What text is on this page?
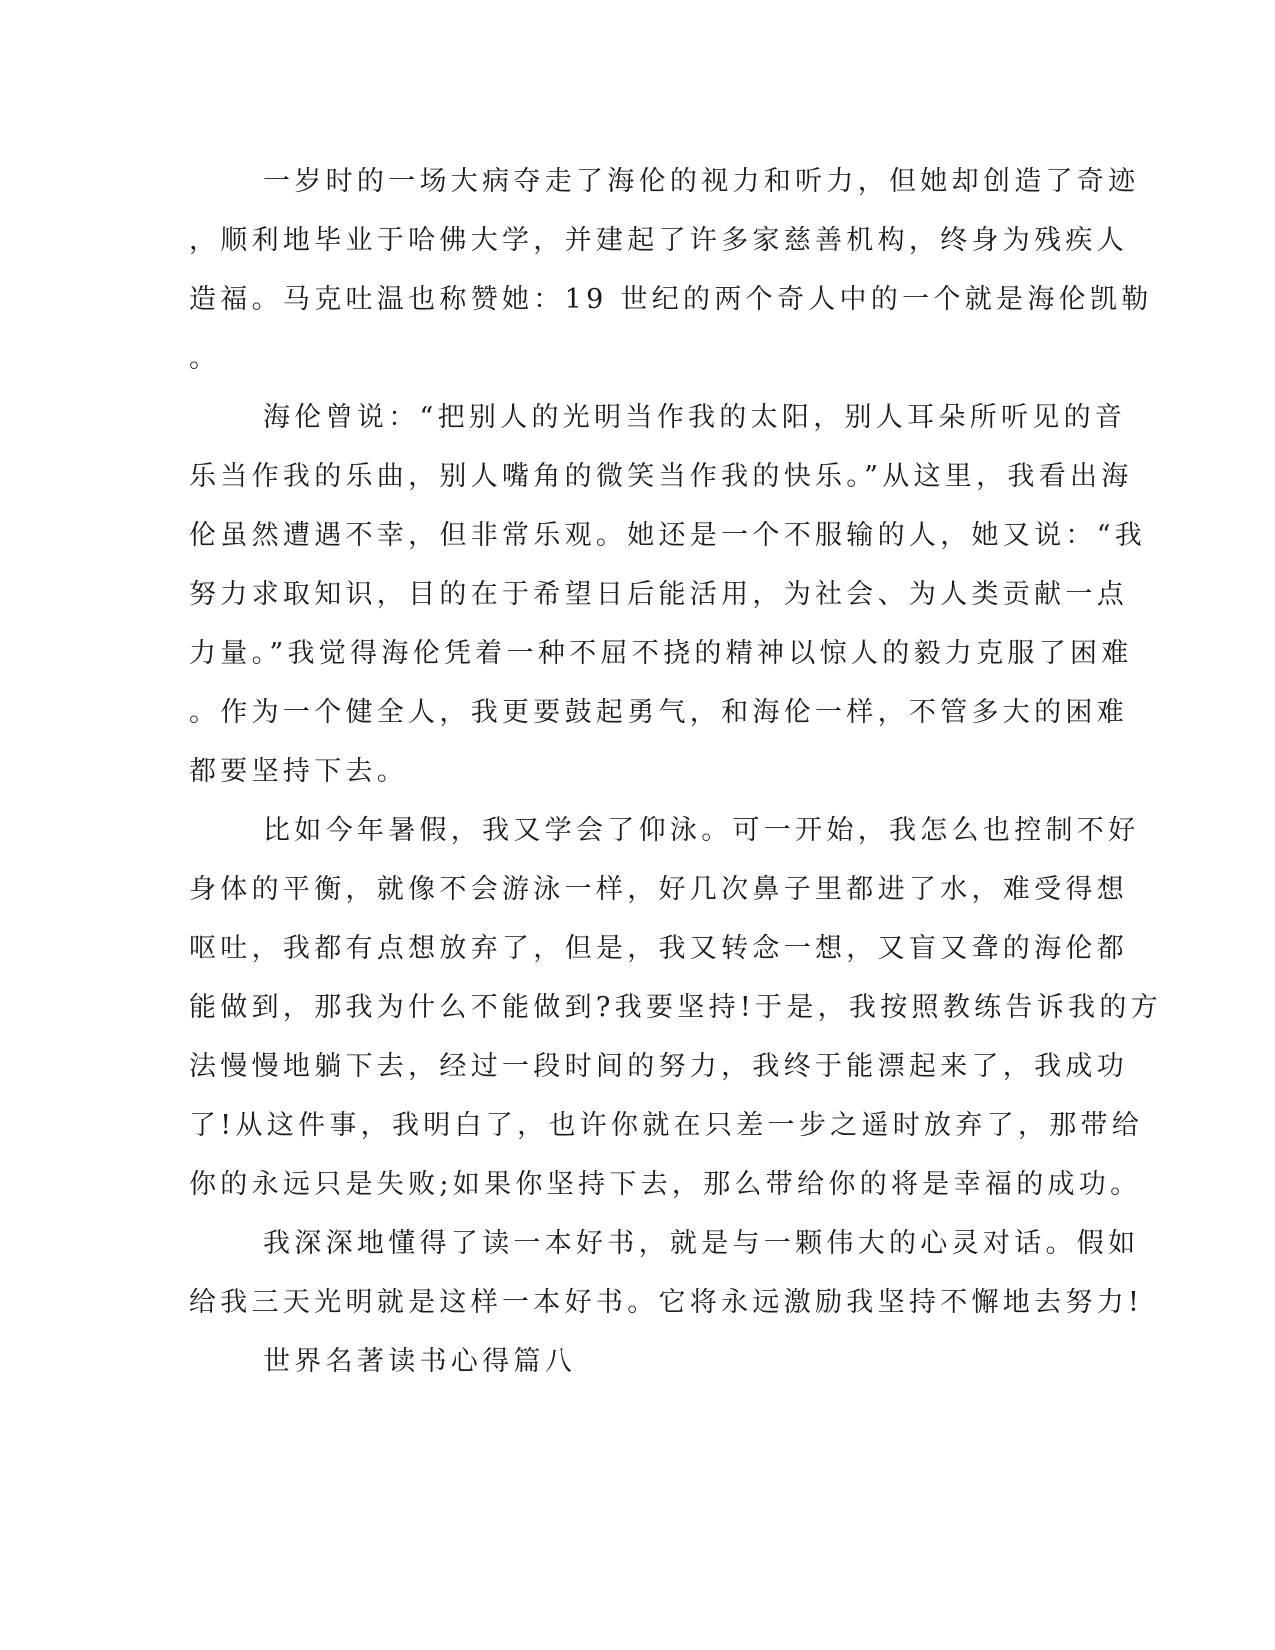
一岁时的一场大病夺走了海伦的视力和听力，但她却创造了奇迹
，顺利地毕业于哈佛大学，并建起了许多家慈善机构，终身为残疾人
造福。马克吐温也称赞她：19 世纪的两个奇人中的一个就是海伦凯勒
。
海伦曾说：“把别人的光明当作我的太阳，别人耳朵所听见的音
乐当作我的乐曲，别人嘴角的微笑当作我的快乐。”从这里，我看出海
伦虽然遭遇不幸，但非常乐观。她还是一个不服输的人，她又说：“我
努力求取知识，目的在于希望日后能活用，为社会、为人类贡献一点
力量。”我觉得海伦凭着一种不屈不挠的精神以惊人的毅力克服了困难
。作为一个健全人，我更要鼓起勇气，和海伦一样，不管多大的困难
都要坚持下去。
比如今年暑假，我又学会了仰泳。可一开始，我怎么也控制不好
身体的平衡，就像不会游泳一样，好几次鼻子里都进了水，难受得想
呕吐，我都有点想放弃了，但是，我又转念一想，又盲又聋的海伦都
能做到，那我为什么不能做到?我要坚持!于是，我按照教练告诉我的方
法慢慢地躺下去，经过一段时间的努力，我终于能漂起来了，我成功
了!从这件事，我明白了，也许你就在只差一步之遥时放弃了，那带给
你的永远只是失败;如果你坚持下去，那么带给你的将是幸福的成功。
我深深地懂得了读一本好书，就是与一颗伟大的心灵对话。假如
给我三天光明就是这样一本好书。它将永远激励我坚持不懈地去努力!
世界名著读书心得篇八
